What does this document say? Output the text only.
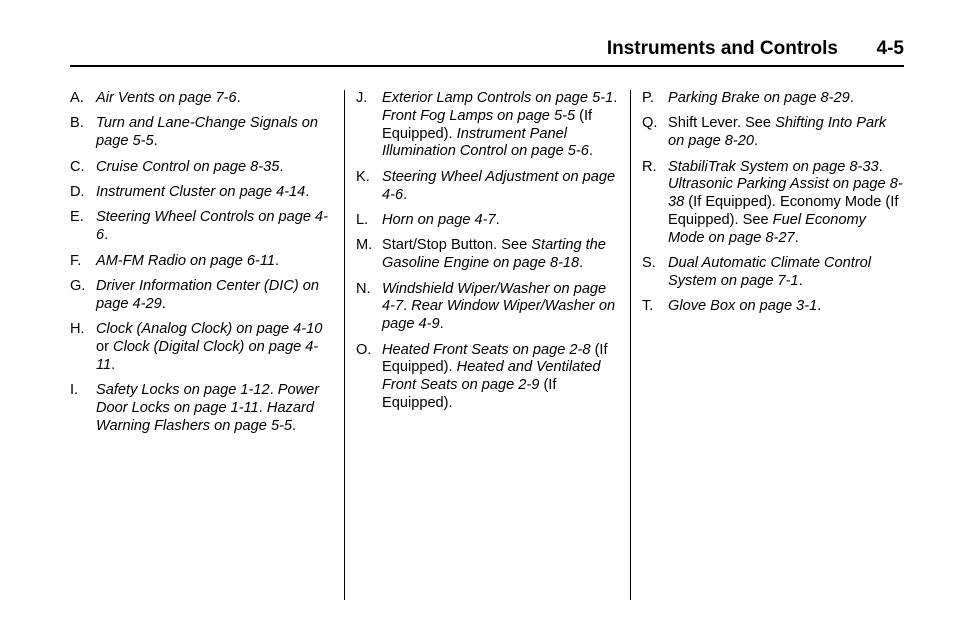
Instruments and Controls 4-5
A. Air Vents on page 7-6.
B. Turn and Lane-Change Signals on page 5-5.
C. Cruise Control on page 8-35.
D. Instrument Cluster on page 4-14.
E. Steering Wheel Controls on page 4-6.
F. AM-FM Radio on page 6-11.
G. Driver Information Center (DIC) on page 4-29.
H. Clock (Analog Clock) on page 4-10 or Clock (Digital Clock) on page 4-11.
I. Safety Locks on page 1-12. Power Door Locks on page 1-11. Hazard Warning Flashers on page 5-5.
J. Exterior Lamp Controls on page 5-1. Front Fog Lamps on page 5-5 (If Equipped). Instrument Panel Illumination Control on page 5-6.
K. Steering Wheel Adjustment on page 4-6.
L. Horn on page 4-7.
M. Start/Stop Button. See Starting the Gasoline Engine on page 8-18.
N. Windshield Wiper/Washer on page 4-7. Rear Window Wiper/Washer on page 4-9.
O. Heated Front Seats on page 2-8 (If Equipped). Heated and Ventilated Front Seats on page 2-9 (If Equipped).
P. Parking Brake on page 8-29.
Q. Shift Lever. See Shifting Into Park on page 8-20.
R. StabiliTrak System on page 8-33. Ultrasonic Parking Assist on page 8-38 (If Equipped). Economy Mode (If Equipped). See Fuel Economy Mode on page 8-27.
S. Dual Automatic Climate Control System on page 7-1.
T. Glove Box on page 3-1.
